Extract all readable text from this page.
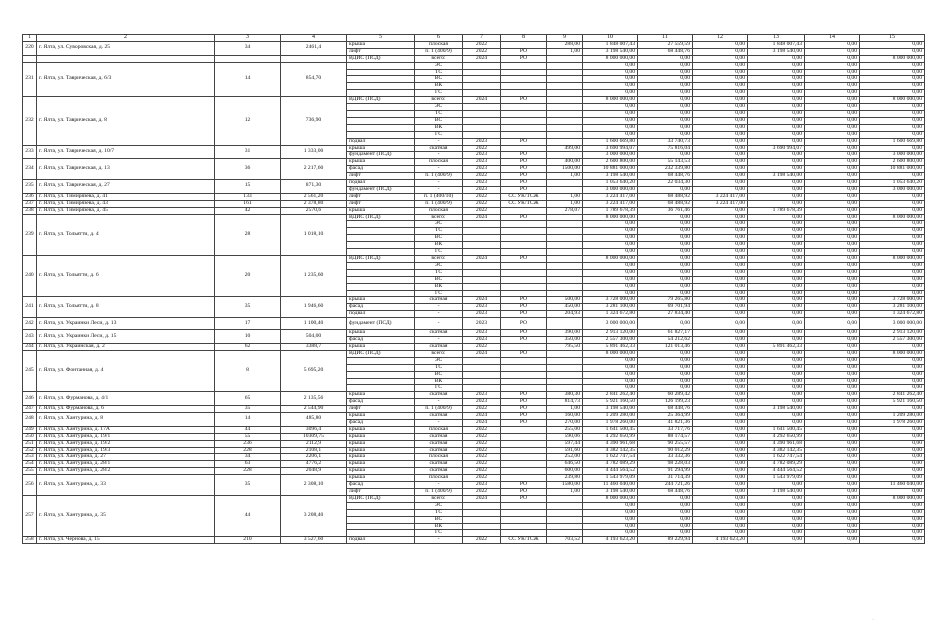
1	2	3	4	5	6	7	8	9	10	11	12	13	14	15
220	г. Ялта, ул. Суворовская, д. 25	34	2461,4	крыша	плоская	2022		288,00	1 848 007,43	27 559,59	0,00	1 848 007,43	0,00	0,00
				лифт	п. 1 (400/9)	2022	РО	1,00	3 198 540,00	68 448,76	0,00	3 198 540,00	0,00	0,00
				ВДИС (ПСД)	всего:	2024	РО		8 000 000,00	0,00	0,00	0,00	0,00	8 000 000,00
231	г. Ялта, ул. Таврическая, д. 6/3	14	854,70		ЭС				0,00	0,00	0,00	0,00	0,00	0,00
					ТС				0,00	0,00	0,00	0,00	0,00	0,00
					ВС				0,00	0,00	0,00	0,00	0,00	0,00
					ВК				0,00	0,00	0,00	0,00	0,00	0,00
					ГС				0,00	0,00	0,00	0,00	0,00	0,00
232	г. Ялта, ул. Таврическая, д. 8	12	736,90	ВДИС (ПСД)	всего:	2024	РО		8 000 000,00	0,00	0,00	0,00	0,00	8 000 000,00
					ЭС				0,00	0,00	0,00	0,00	0,00	0,00
					ТС				0,00	0,00	0,00	0,00	0,00	0,00
					ВС				0,00	0,00	0,00	0,00	0,00	0,00
					ВК				0,00	0,00	0,00	0,00	0,00	0,00
					ГС				0,00	0,00	0,00	0,00	0,00	0,00
				подвал	-	2023	РО		1 600 669,80	33 740,73	0,00	0,00	0,00	1 600 669,80
233	г. Ялта, ул. Таврическая, д. 10/7	31	1 333,00	крыша	скатная	2022		499,00	3 690 994,07	75 816,04	0,00	3 690 994,07	0,00	0,00
				фундамент (ПСД)	-	2023	РО		3 000 000,00	0,00	0,00	0,00	0,00	3 000 000,00
234	г. Ялта, ул. Таврическая, д. 13	36	2 217,60	крыша	плоская	2023	РО	400,00	2 600 800,00	55 143,53	0,00	0,00	0,00	2 600 800,00
				фасад	-	2023	РО	1500,00	10 881 000,00	232 339,80	0,00	0,00	0,00	10 881 000,00
				лифт	п. 1 (400/9)	2022	РО	1,00	3 198 540,00	68 448,76	0,00	3 198 540,00	0,00	0,00
235	г. Ялта, ул. Таврическая, д. 27	15	871,30	подвал	-	2023	РО		1 053 640,20	22 034,30	0,00	0,00	0,00	1 053 640,20
				фундамент (ПСД)	-	2023	РО		3 000 000,00	0,00	0,00	0,00	0,00	3 000 000,00
236	г. Ялта, ул. Тимирязева, д. 41	133	2 561,20	лифт	п. 1 (400/10)	2022	СС УК/ТСЖ	1,00	3 224 417,00	68 488,92	3 224 417,00	0,00	0,00	0,00
237	г. Ялта, ул. Тимирязева, д. 43	161	2 378,80	лифт	п. 1 (400/9)	2022	СС УК/ТСЖ	1,00	3 224 417,00	68 488,92	3 224 417,00	0,00	0,00	0,00
238	г. Ялта, ул. Тимирязева, д. 45	42	2570,6	крыша	плоская	2022		278,07	1 789 678,39	36 761,46	0,00	1 789 678,39	0,00	0,00
239	г. Ялта, ул. Тольятти, д. 4	28	1 018,10	ВДИС (ПСД)	всего:	2024	РО		8 000 000,00	0,00	0,00	0,00	0,00	8 000 000,00
					ЭС				0,00	0,00	0,00	0,00	0,00	0,00
					ТС				0,00	0,00	0,00	0,00	0,00	0,00
					ВС				0,00	0,00	0,00	0,00	0,00	0,00
					ВК				0,00	0,00	0,00	0,00	0,00	0,00
					ГС				0,00	0,00	0,00	0,00	0,00	0,00
240	г. Ялта, ул. Тольятти, д. 6	20	1 235,60	ВДИС (ПСД)	всего:	2024	РО		8 000 000,00	0,00	0,00	0,00	0,00	8 000 000,00
					ЭС				0,00	0,00	0,00	0,00	0,00	0,00
					ТС				0,00	0,00	0,00	0,00	0,00	0,00
					ВС				0,00	0,00	0,00	0,00	0,00	0,00
					ВК				0,00	0,00	0,00	0,00	0,00	0,00
					ГС				0,00	0,00	0,00	0,00	0,00	0,00
241	г. Ялта, ул. Тольятти, д. 8	35	1 946,60	крыша	скатная	2024	РО	500,00	3 728 000,00	79 265,80	0,00	0,00	0,00	3 728 000,00
				фасад	-	2023	РО	450,00	3 281 100,00	69 701,94	0,00	0,00	0,00	3 281 100,00
				подвал	-	2023	РО	204,93	1 324 672,80	27 834,40	0,00	0,00	0,00	1 324 672,80
242	г. Ялта, ул. Украинки Леси, д. 13	17	1 100,40	фундамент (ПСД)	-	2023	РО		3 000 000,00	0,00	0,00	0,00	0,00	3 000 000,00
243	г. Ялта, ул. Украинки Леси, д. 15	10	504,00	крыша	скатная	2023	РО	390,00	2 913 120,00	61 827,17	0,00	0,00	0,00	2 913 120,00
				фасад	-	2023	РО	350,00	2 557 300,00	54 212,62	0,00	0,00	0,00	2 557 300,00
244	г. Ялта, ул. Украинская, д. 2	62	3388,7	крыша	скатная	2022		795,50	5 891 462,33	121 013,46	0,00	5 891 462,33	0,00	0,00
245	г. Ялта, ул. Фонтанная, д. 4	8	5 695,20	ВДИС (ПСД)	всего:	2024	РО		8 000 000,00	0,00	0,00	0,00	0,00	8 000 000,00
					ЭС				0,00	0,00	0,00	0,00	0,00	0,00
					ТС				0,00	0,00	0,00	0,00	0,00	0,00
					ВС				0,00	0,00	0,00	0,00	0,00	0,00
					ВК				0,00	0,00	0,00	0,00	0,00	0,00
					ГС				0,00	0,00	0,00	0,00	0,00	0,00
246	г. Ялта, ул. Фурманова, д. 4/1	65	2 135,56	крыша	скатная	2023	РО	380,30	2 841 262,40	60 289,42	0,00	0,00	0,00	2 841 262,40
				фасад	-	2023	РО	814,73	5 921 160,50	126 199,23	0,00	0,00	0,00	5 921 160,50
247	г. Ялта, ул. Фурманова, д. 6	35	2 544,90	лифт	п. 1 (400/9)	2022	РО	1,00	3 198 540,00	68 448,76	0,00	3 198 540,00	0,00	0,00
248	г. Ялта, ул. Хантурина, д. 8	14	485,80	крыша	скатная	2024	РО	160,00	1 209 280,00	25 364,99	0,00	0,00	0,00	1 209 280,00
				фасад	-	2024	РО	270,00	1 978 260,00	41 821,36	0,00	0,00	0,00	1 978 260,00
249	г. Ялта, ул. Хантурина, д. 17А	44	3096,4	крыша	плоская	2022		255,00	1 641 500,45	33 717,76	0,00	1 641 500,45	0,00	0,00
250	г. Ялта, ул. Хантурина, д. 19/1	55	10309,75	крыша	скатная	2022		590,06	4 292 650,99	88 174,57	0,00	4 292 650,99	0,00	0,00
251	г. Ялта, ул. Хантурина, д. 19/2	236	2112,9	крыша	скатная	2022		597,44	4 390 961,68	90 255,57	0,00	4 390 961,68	0,00	0,00
252	г. Ялта, ул. Хантурина, д. 19/3	228	2108,1	крыша	скатная	2022		591,60	4 382 142,35	90 012,29	0,00	4 382 142,35	0,00	0,00
253	г. Ялта, ул. Хантурина, д. 27	34	2206,1	крыша	плоская	2022		252,00	1 622 747,54	33 332,36	0,00	1 622 747,54	0,00	0,00
254	г. Ялта, ул. Хантурина, д. 28/1	63	4776,2	крыша	скатная	2022		646,50	4 782 089,29	98 228,03	0,00	4 782 089,29	0,00	0,00
255	г. Ялта, ул. Хантурина, д. 28/2	228	2048,9	крыша	скатная	2022		600,00	4 444 564,52	91 294,99	0,00	4 444 564,52	0,00	0,00
256	г. Ялта, ул. Хантурина, д. 33	35	2 308,10	крыша	плоская	2022		239,80	1 543 979,09	31 714,39	0,00	1 543 979,09	0,00	0,00
				фасад	-	2023	РО	1580,00	11 460 040,00	244 721,26	0,00	0,00	0,00	11 460 040,00
				лифт	п. 1 (400/9)	2022	РО	1,00	3 198 540,00	68 448,76	0,00	3 198 540,00	0,00	0,00
257	г. Ялта, ул. Хантурина, д. 35	44	3 208,40	ВДИС (ПСД)	всего:	2024	РО		8 000 000,00	0,00	0,00	0,00	0,00	8 000 000,00
					ЭС				0,00	0,00	0,00	0,00	0,00	0,00
					ТС				0,00	0,00	0,00	0,00	0,00	0,00
					ВС				0,00	0,00	0,00	0,00	0,00	0,00
					ВК				0,00	0,00	0,00	0,00	0,00	0,00
					ГС				0,00	0,00	0,00	0,00	0,00	0,00
258	г. Ялта, ул. Чернова, д. 15	210	3 527,60	подвал	-	2022	СС УК/ТСЖ	703,52	4 193 623,20	89 229,94	4 193 623,20	0,00	0,00	0,00
·
